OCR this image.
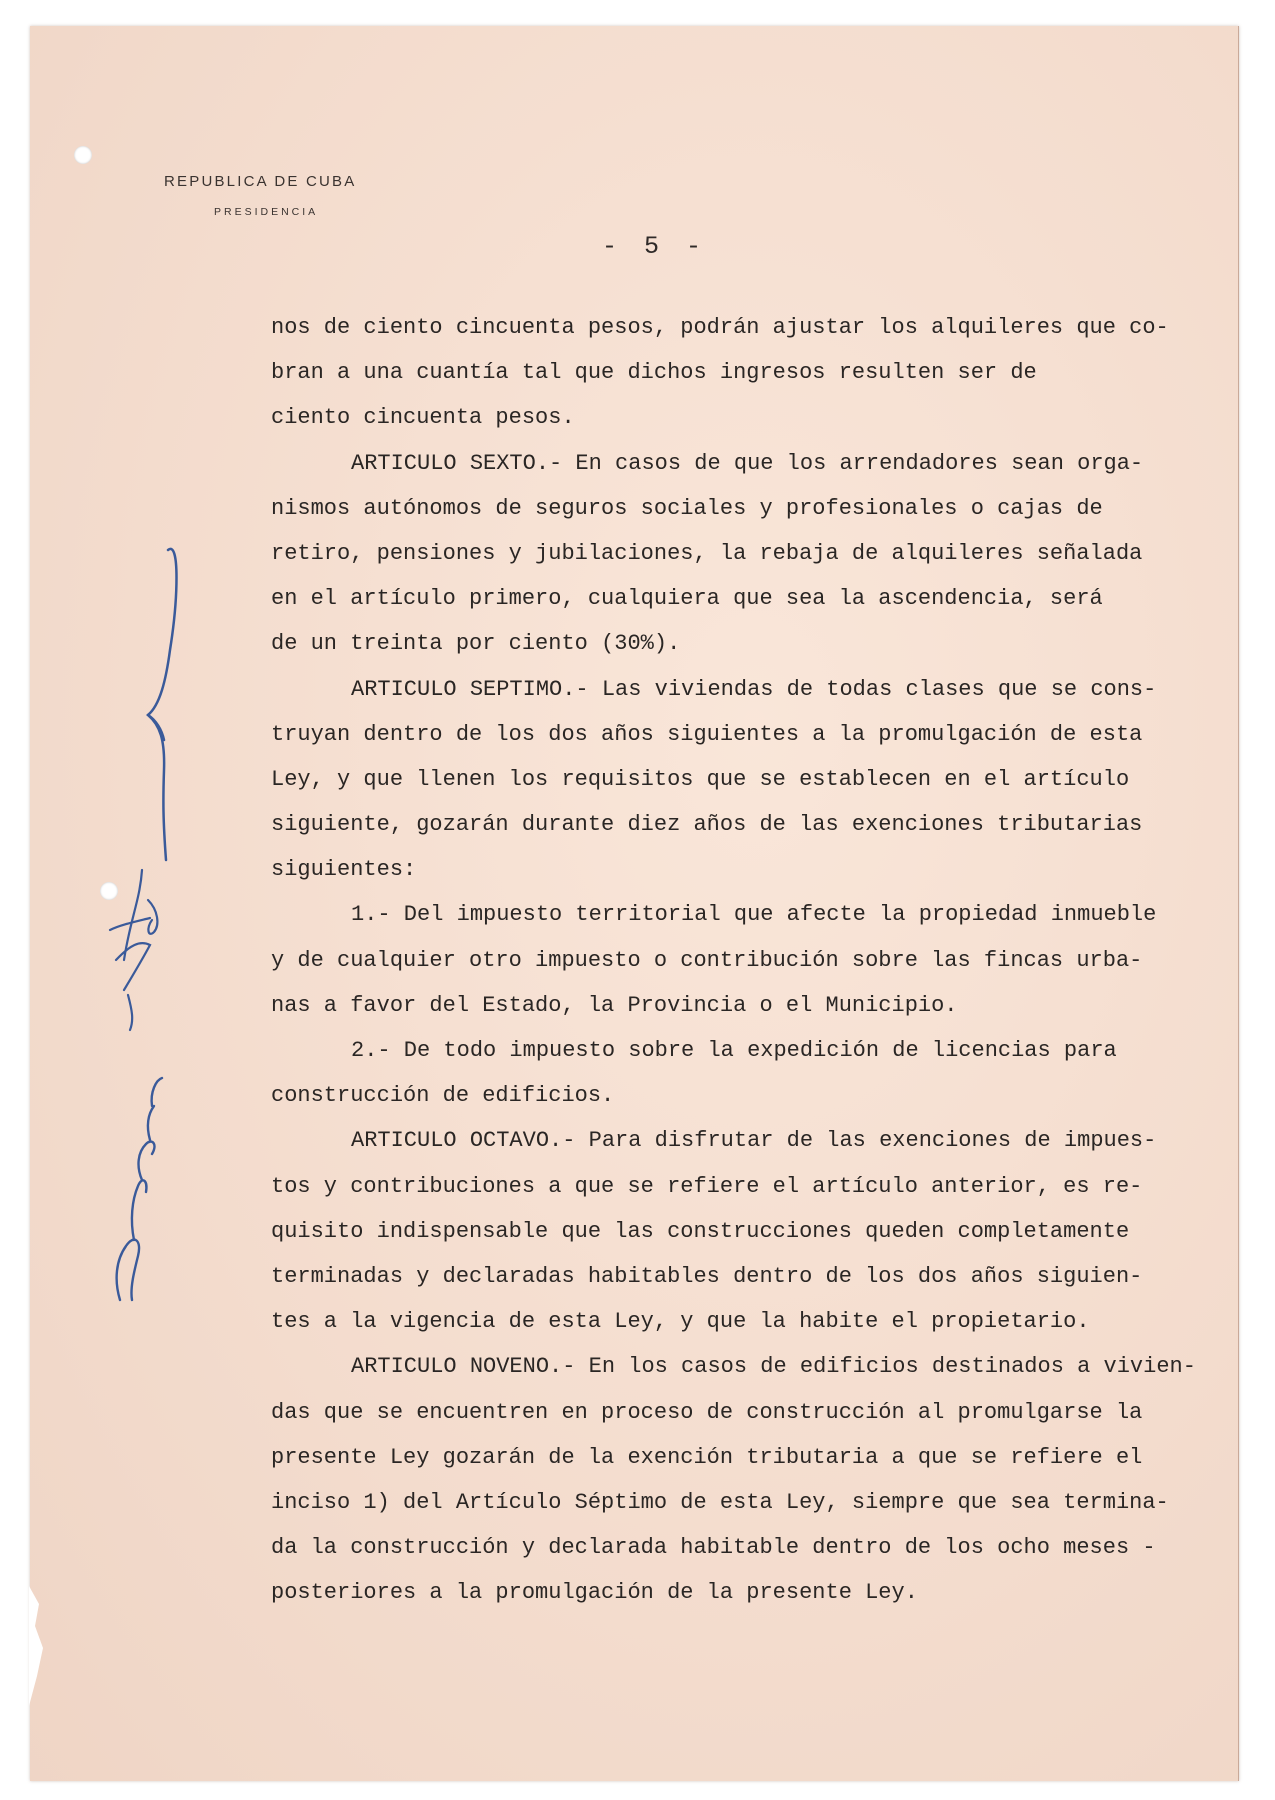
REPUBLICA DE CUBA
PRESIDENCIA
- 5 -
nos de ciento cincuenta pesos, podrán ajustar los alquileres que co-
bran a una cuantía tal que dichos ingresos resulten ser de
ciento cincuenta pesos.
ARTICULO SEXTO.- En casos de que los arrendadores sean orga-
nismos autónomos de seguros sociales y profesionales o cajas de
retiro, pensiones y jubilaciones, la rebaja de alquileres señalada
en el artículo primero, cualquiera que sea la ascendencia, será
de un treinta por ciento (30%).
ARTICULO SEPTIMO.- Las viviendas de todas clases que se cons-
truyan dentro de los dos años siguientes a la promulgación de esta
Ley, y que llenen los requisitos que se establecen en el artículo
siguiente, gozarán durante diez años de las exenciones tributarias
siguientes:
1.- Del impuesto territorial que afecte la propiedad inmueble
y de cualquier otro impuesto o contribución sobre las fincas urba-
nas a favor del Estado, la Provincia o el Municipio.
2.- De todo impuesto sobre la expedición de licencias para
construcción de edificios.
ARTICULO OCTAVO.- Para disfrutar de las exenciones de impues-
tos y contribuciones a que se refiere el artículo anterior, es re-
quisito indispensable que las construcciones queden completamente
terminadas y declaradas habitables dentro de los dos años siguien-
tes a la vigencia de esta Ley, y que la habite el propietario.
ARTICULO NOVENO.- En los casos de edificios destinados a vivien-
das que se encuentren en proceso de construcción al promulgarse la
presente Ley gozarán de la exención tributaria a que se refiere el
inciso 1) del Artículo Séptimo de esta Ley, siempre que sea termina-
da la construcción y declarada habitable dentro de los ocho meses -
posteriores a la promulgación de la presente Ley.
